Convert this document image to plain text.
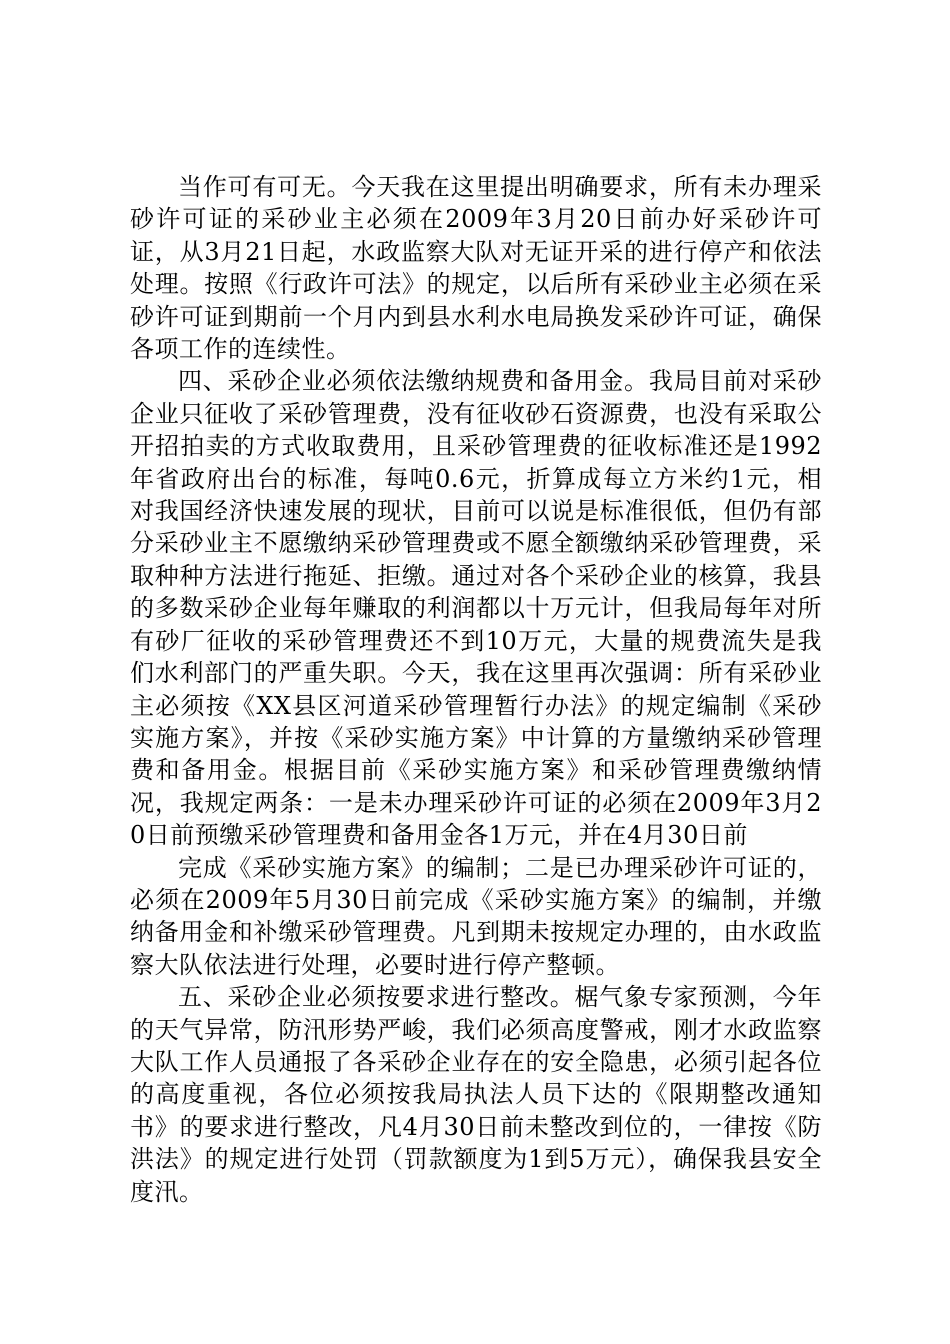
当作可有可无。今天我在这里提出明确要求，所有未办理采砂许可证的采砂业主必须在2009年3月20日前办好采砂许可证，从3月21日起，水政监察大队对无证开采的进行停产和依法处理。按照《行政许可法》的规定，以后所有采砂业主必须在采砂许可证到期前一个月内到县水利水电局换发采砂许可证，确保各项工作的连续性。

四、采砂企业必须依法缴纳规费和备用金。我局目前对采砂企业只征收了采砂管理费，没有征收砂石资源费，也没有采取公开招拍卖的方式收取费用，且采砂管理费的征收标准还是1992年省政府出台的标准，每吨0.6元，折算成每立方米约1元，相对我国经济快速发展的现状，目前可以说是标准很低，但仍有部分采砂业主不愿缴纳采砂管理费或不愿全额缴纳采砂管理费，采取种种方法进行拖延、拒缴。通过对各个采砂企业的核算，我县的多数采砂企业每年赚取的利润都以十万元计，但我局每年对所有砂厂征收的采砂管理费还不到10万元，大量的规费流失是我们水利部门的严重失职。今天，我在这里再次强调：所有采砂业主必须按《XX县区河道采砂管理暂行办法》的规定编制《采砂实施方案》，并按《采砂实施方案》中计算的方量缴纳采砂管理费和备用金。根据目前《采砂实施方案》和采砂管理费缴纳情况，我规定两条：一是未办理采砂许可证的必须在2009年3月20日前预缴采砂管理费和备用金各1万元，并在4月30日前

完成《采砂实施方案》的编制；二是已办理采砂许可证的，必须在2009年5月30日前完成《采砂实施方案》的编制，并缴纳备用金和补缴采砂管理费。凡到期未按规定办理的，由水政监察大队依法进行处理，必要时进行停产整顿。

五、采砂企业必须按要求进行整改。椐气象专家预测，今年的天气异常，防汛形势严峻，我们必须高度警戒，刚才水政监察大队工作人员通报了各采砂企业存在的安全隐患，必须引起各位的高度重视，各位必须按我局执法人员下达的《限期整改通知书》的要求进行整改，凡4月30日前未整改到位的，一律按《防洪法》的规定进行处罚（罚款额度为1到5万元），确保我县安全度汛。
